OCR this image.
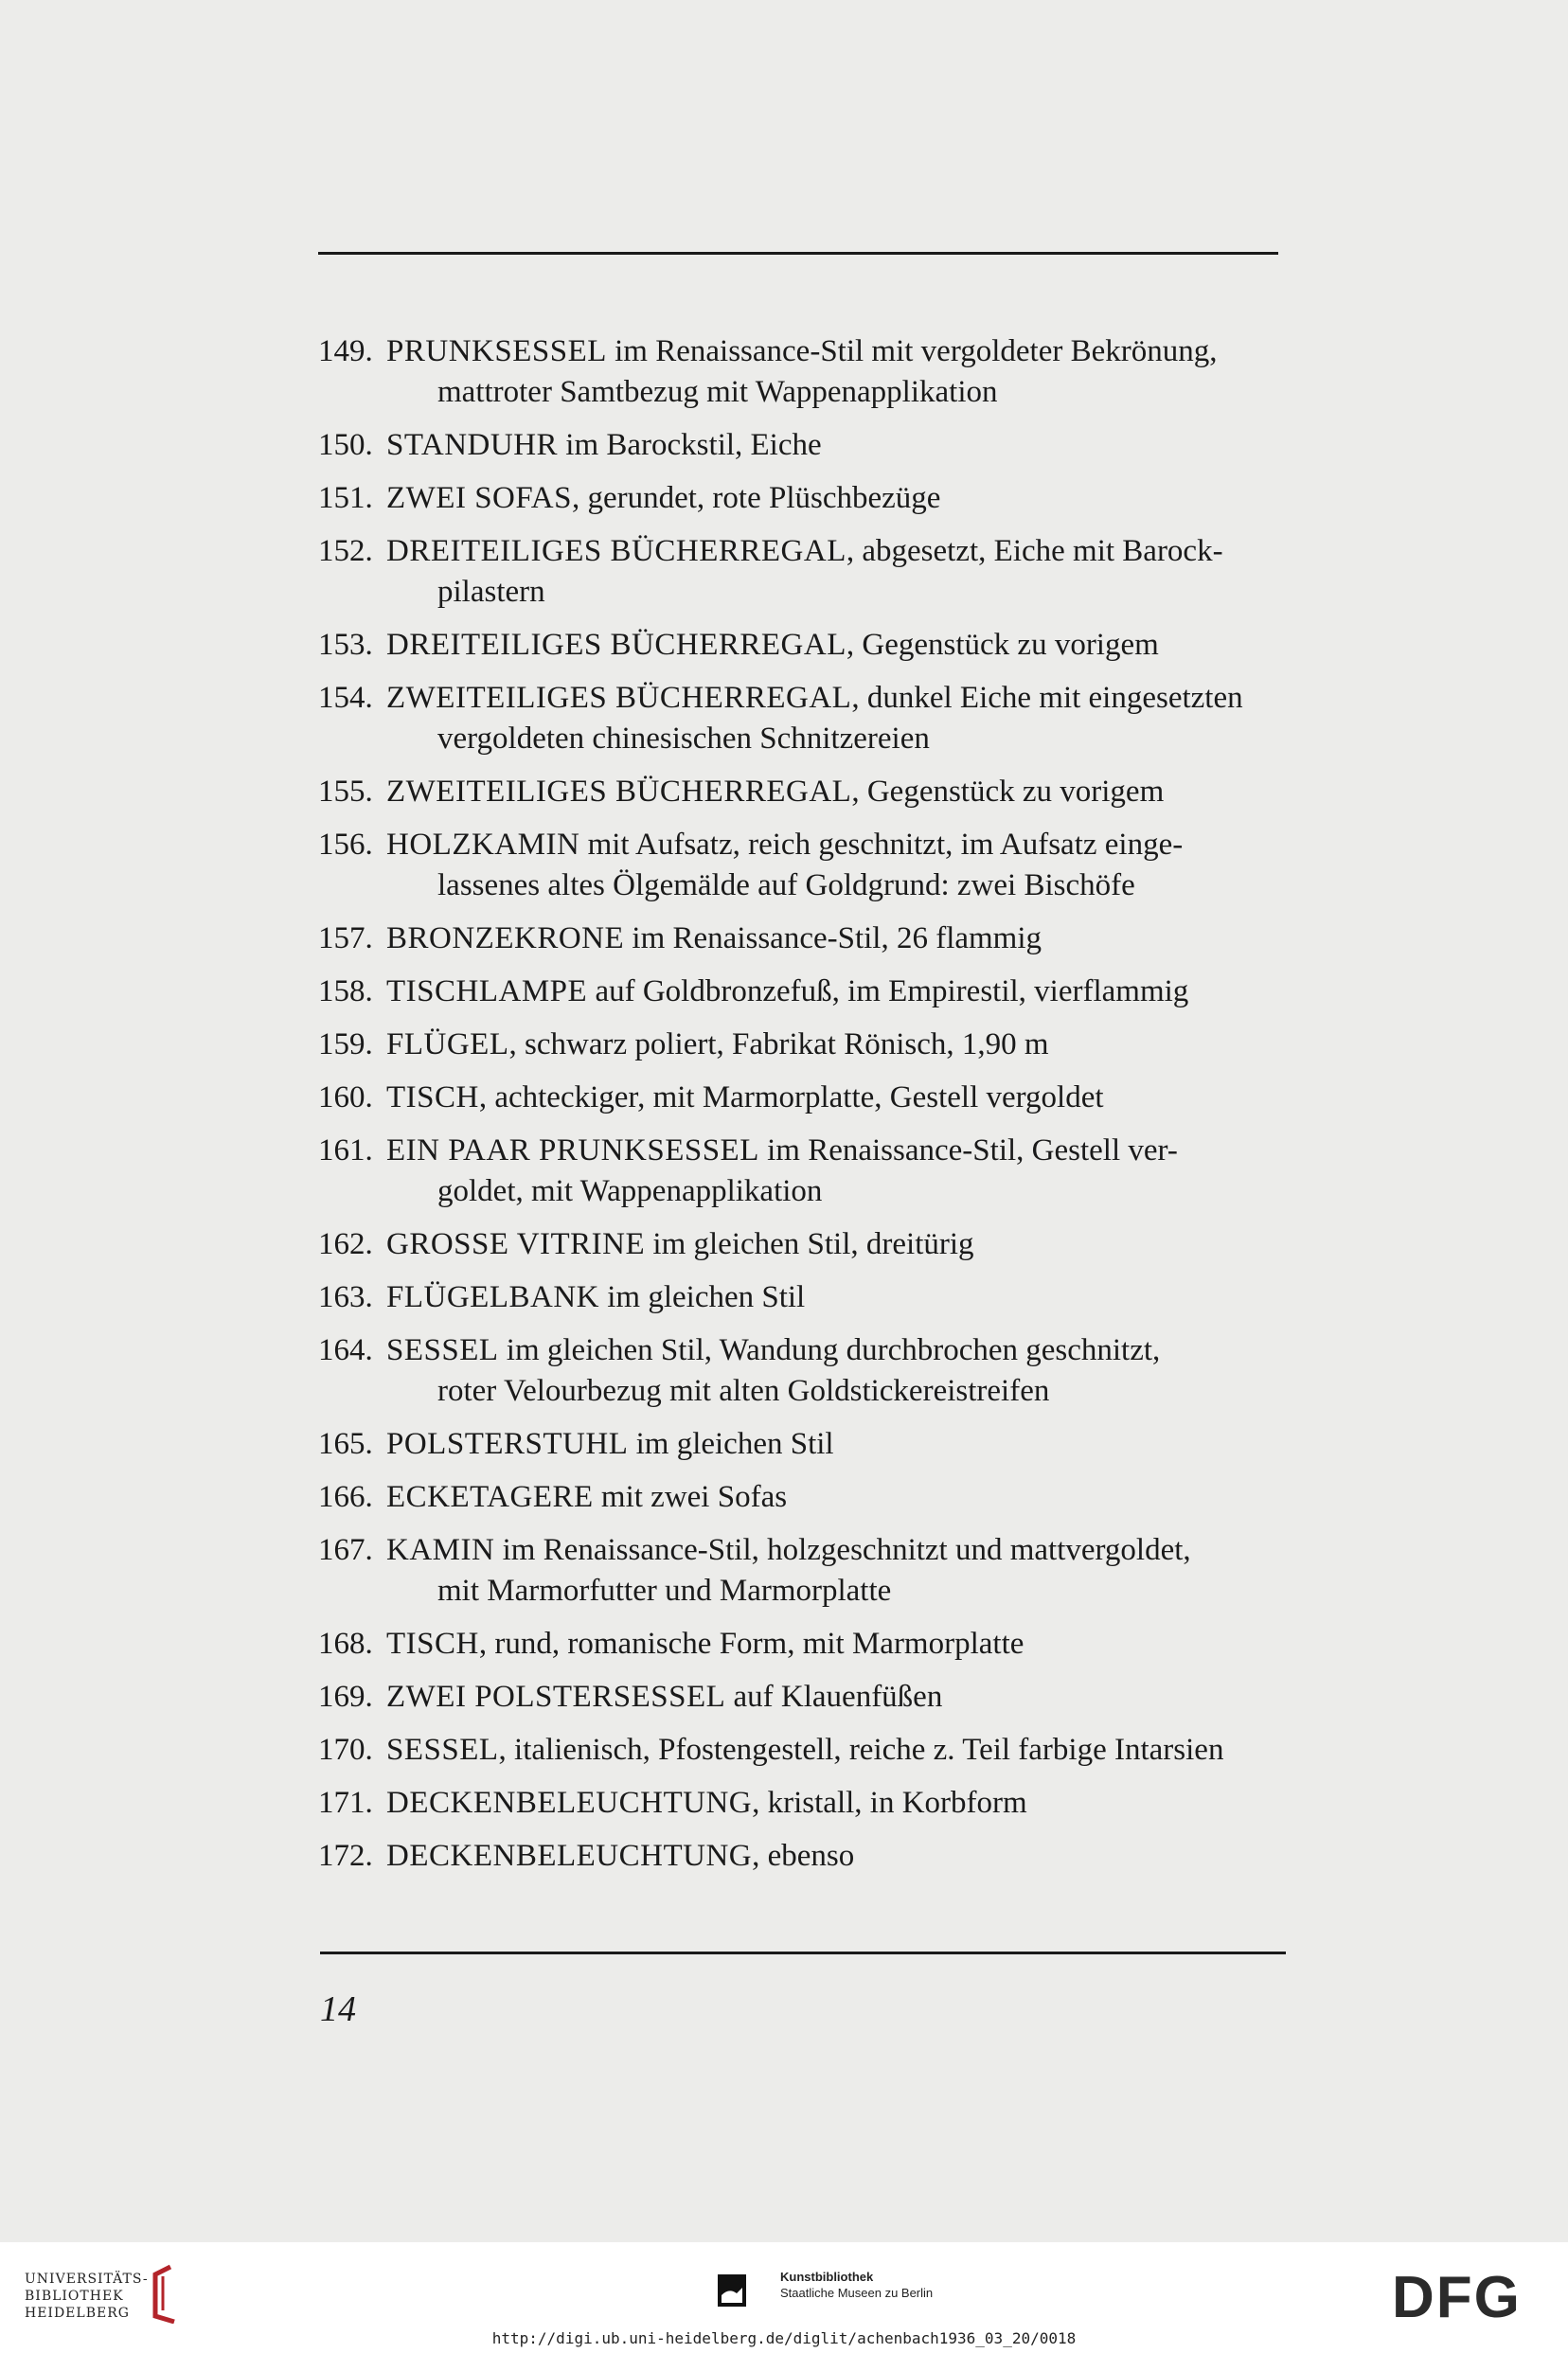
149. PRUNKSESSEL im Renaissance-Stil mit vergoldeter Bekrönung,
mattroter Samtbezug mit Wappenapplikation
150. STANDUHR im Barockstil, Eiche
151. ZWEI SOFAS, gerundet, rote Plüschbezüge
152. DREITEILIGES BÜCHERREGAL, abgesetzt, Eiche mit Barock-
pilastern
153. DREITEILIGES BÜCHERREGAL, Gegenstück zu vorigem
154. ZWEITEILIGES BÜCHERREGAL, dunkel Eiche mit eingesetzten
vergoldeten chinesischen Schnitzereien
155. ZWEITEILIGES BÜCHERREGAL, Gegenstück zu vorigem
156. HOLZKAMIN mit Aufsatz, reich geschnitzt, im Aufsatz einge-
lassenes altes Ölgemälde auf Goldgrund: zwei Bischöfe
157. BRONZEKRONE im Renaissance-Stil, 26 flammig
158. TISCHLAMPE auf Goldbronzefuß, im Empirestil, vierflammig
159. FLÜGEL, schwarz poliert, Fabrikat Rönisch, 1,90 m
160. TISCH, achteckiger, mit Marmorplatte, Gestell vergoldet
161. EIN PAAR PRUNKSESSEL im Renaissance-Stil, Gestell ver-
goldet, mit Wappenapplikation
162. GROSSE VITRINE im gleichen Stil, dreitürig
163. FLÜGELBANK im gleichen Stil
164. SESSEL im gleichen Stil, Wandung durchbrochen geschnitzt,
roter Velourbezug mit alten Goldstickereistreifen
165. POLSTERSTUHL im gleichen Stil
166. ECKETAGERE mit zwei Sofas
167. KAMIN im Renaissance-Stil, holzgeschnitzt und mattvergoldet,
mit Marmorfutter und Marmorplatte
168. TISCH, rund, romanische Form, mit Marmorplatte
169. ZWEI POLSTERSESSEL auf Klauenfüßen
170. SESSEL, italienisch, Pfostengestell, reiche z. Teil farbige Intarsien
171. DECKENBELEUCHTUNG, kristall, in Korbform
172. DECKENBELEUCHTUNG, ebenso
14
UNIVERSITÄTS-
BIBLIOTHEK
HEIDELBERG
Kunstbibliothek
Staatliche Museen zu Berlin	DFG
http://digi.ub.uni-heidelberg.de/diglit/achenbach1936_03_20/0018
